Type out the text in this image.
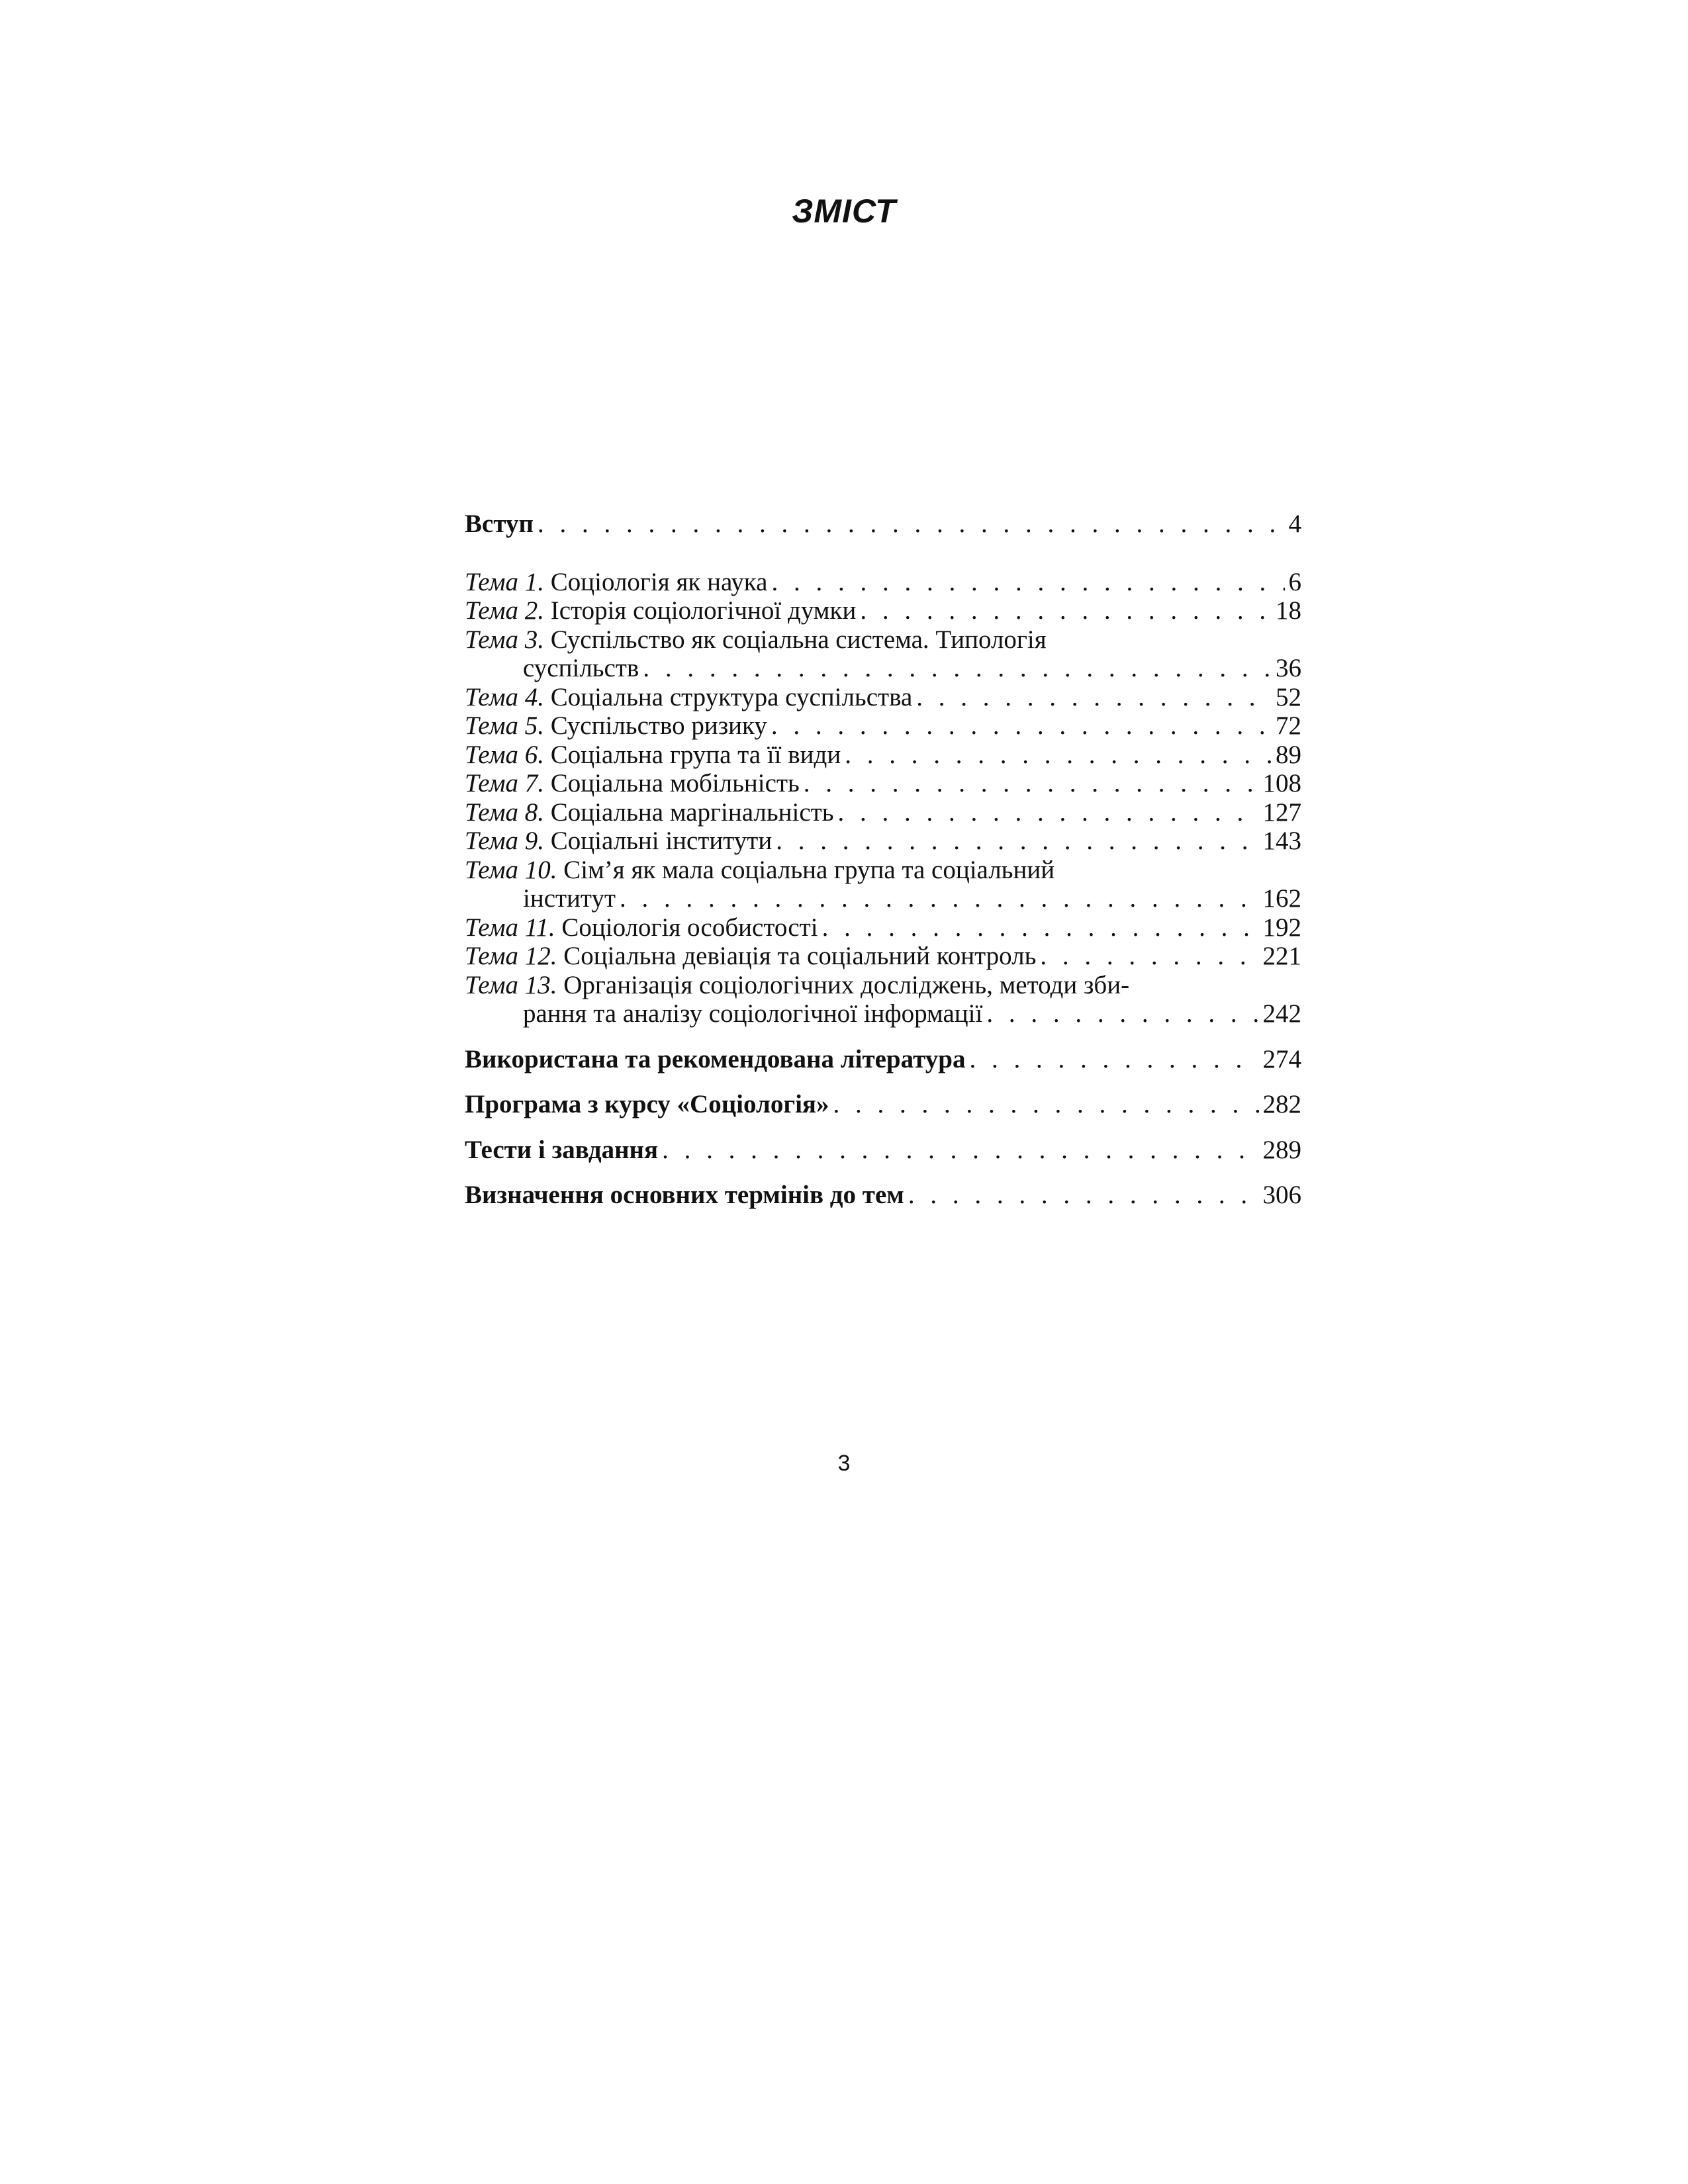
ЗМІСТ
Вступ . . .	4
Тема 1. Соціологія як наука . . .	6
Тема 2. Історія соціологічної думки . . .	18
Тема 3. Суспільство як соціальна система. Типологія
суспільств . . .	36
Тема 4. Соціальна структура суспільства . . .	52
Тема 5. Суспільство ризику . . .	72
Тема 6. Соціальна група та її види . . .	89
Тема 7. Соціальна мобільність . . .	108
Тема 8. Соціальна маргінальність . . .	127
Тема 9. Соціальні інститути . . .	143
Тема 10. Сім’я як мала соціальна група та соціальний
інститут . . .	162
Тема 11. Соціологія особистості . . .	192
Тема 12. Соціальна девіація та соціальний контроль . . .	221
Тема 13. Організація соціологічних досліджень, методи зби-
рання та аналізу соціологічної інформації . . .	242
Використана та рекомендована література . . .	274
Програма з курсу «Соціологія» . . .	282
Тести і завдання . . .	289
Визначення основних термінів до тем . . .	306
3
